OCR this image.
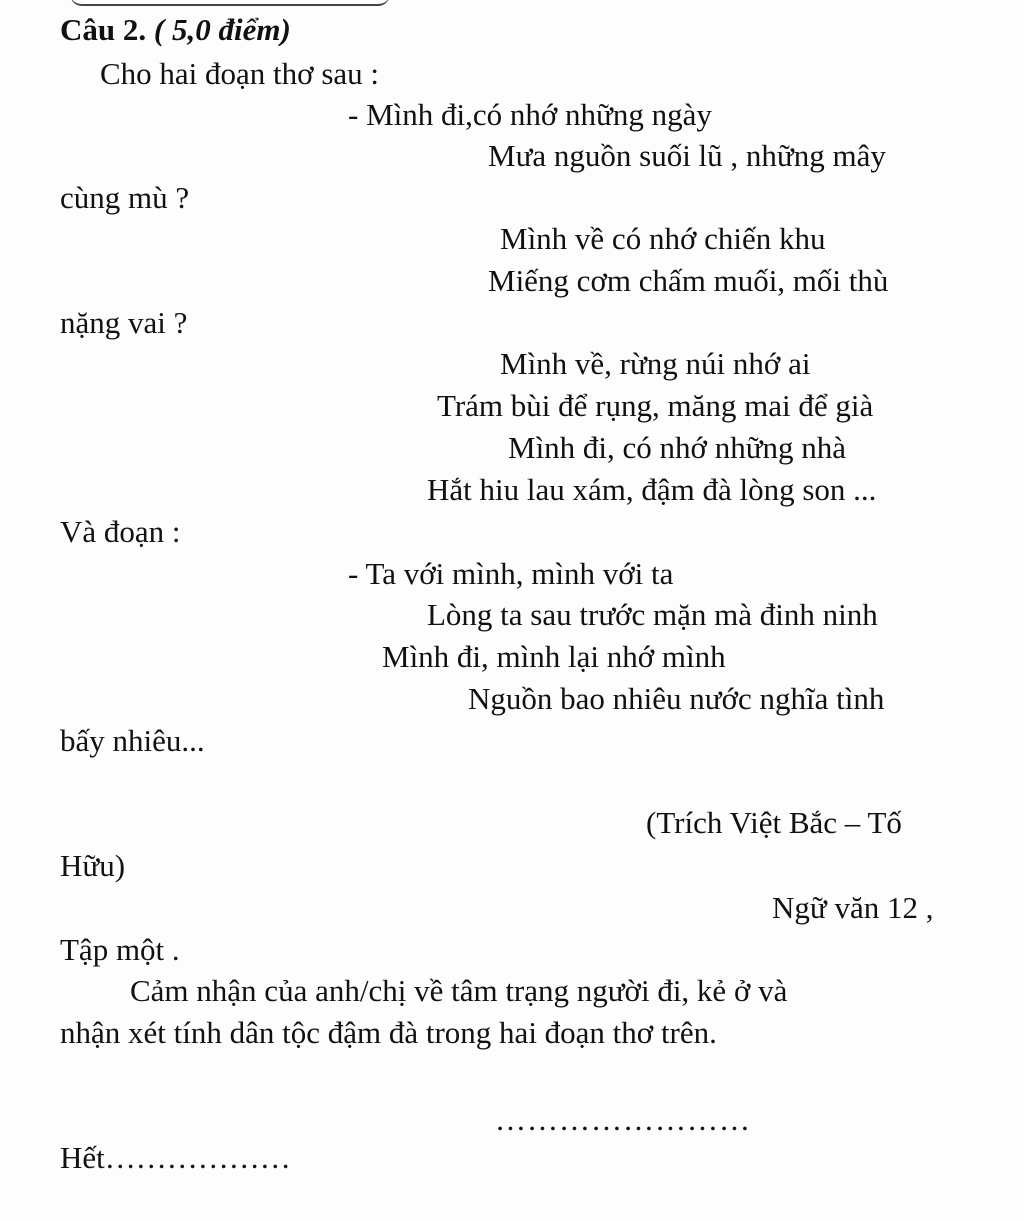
Câu 2. ( 5,0 điểm)
Cho hai đoạn thơ sau :
- Mình đi,có nhớ những ngày
Mưa nguồn suối lũ , những mây
cùng mù ?
Mình về có nhớ chiến khu
Miếng cơm chấm muối, mối thù
nặng vai ?
Mình về, rừng núi nhớ ai
Trám bùi để rụng, măng mai để già
Mình đi, có nhớ những nhà
Hắt hiu lau xám, đậm đà lòng son ...
Và đoạn :
- Ta với mình, mình với ta
Lòng ta sau trước mặn mà đinh ninh
Mình đi, mình lại nhớ mình
Nguồn bao nhiêu nước nghĩa tình
bấy nhiêu...
(Trích Việt Bắc – Tố
Hữu)
Ngữ văn 12 ,
Tập một .
Cảm nhận của anh/chị về tâm trạng người đi, kẻ ở và
nhận xét tính dân tộc đậm đà trong hai đoạn thơ trên.
……………………
Hết………………
